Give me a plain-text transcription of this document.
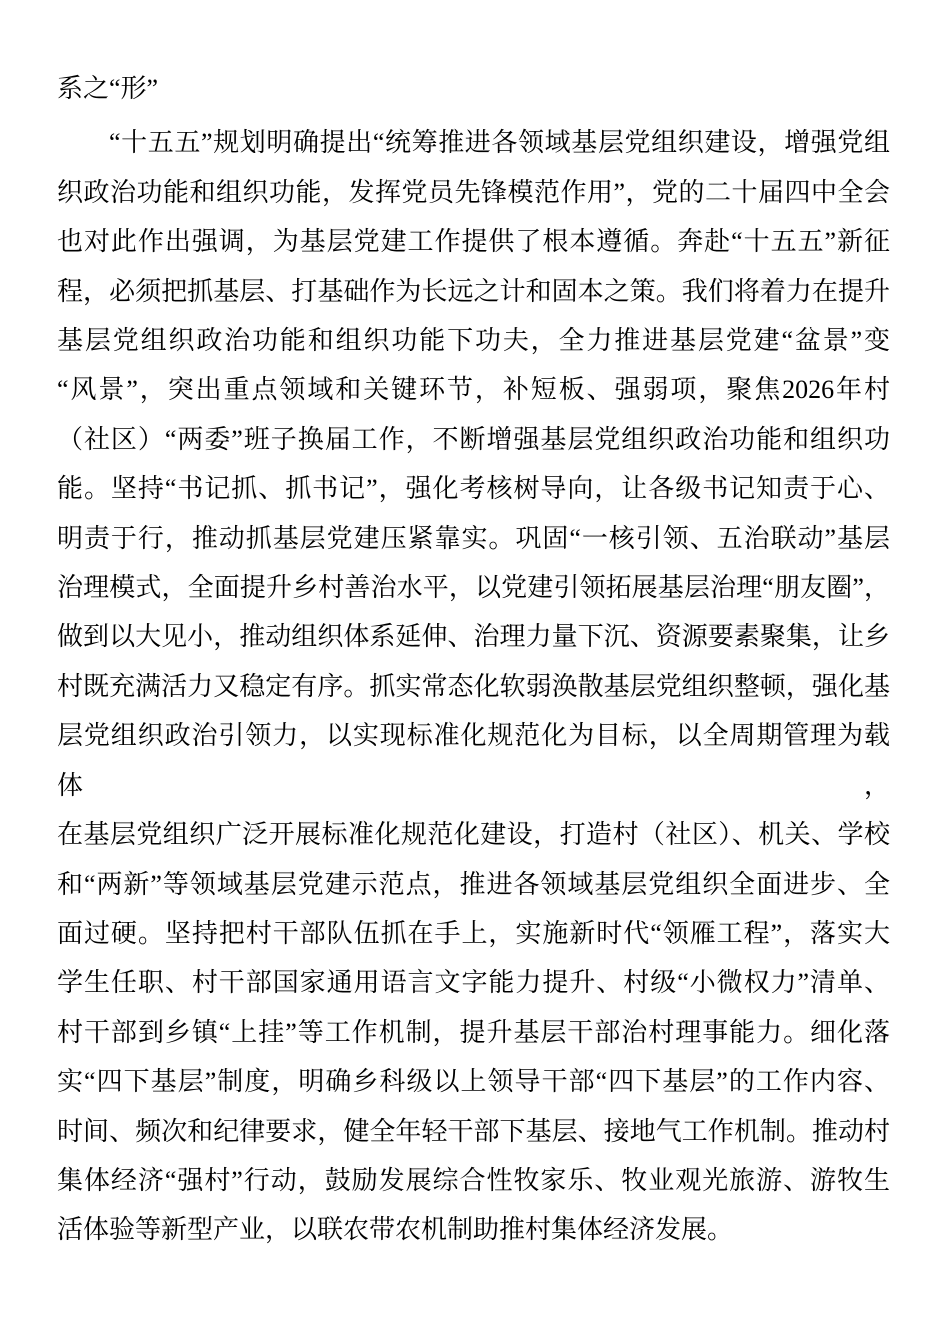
系之“形”
“十五五”规划明确提出“统筹推进各领域基层党组织建设，增强党组
织政治功能和组织功能，发挥党员先锋模范作用”，党的二十届四中全会
也对此作出强调，为基层党建工作提供了根本遵循。奔赴“十五五”新征
程，必须把抓基层、打基础作为长远之计和固本之策。我们将着力在提升
基层党组织政治功能和组织功能下功夫，全力推进基层党建“盆景”变
“风景”，突出重点领域和关键环节，补短板、强弱项，聚焦2026年村
（社区）“两委”班子换届工作，不断增强基层党组织政治功能和组织功
能。坚持“书记抓、抓书记”，强化考核树导向，让各级书记知责于心、
明责于行，推动抓基层党建压紧靠实。巩固“一核引领、五治联动”基层
治理模式，全面提升乡村善治水平，以党建引领拓展基层治理“朋友圈”，
做到以大见小，推动组织体系延伸、治理力量下沉、资源要素聚集，让乡
村既充满活力又稳定有序。抓实常态化软弱涣散基层党组织整顿，强化基
层党组织政治引领力，以实现标准化规范化为目标，以全周期管理为载体，
在基层党组织广泛开展标准化规范化建设，打造村（社区）、机关、学校
和“两新”等领域基层党建示范点，推进各领域基层党组织全面进步、全
面过硬。坚持把村干部队伍抓在手上，实施新时代“领雁工程”，落实大
学生任职、村干部国家通用语言文字能力提升、村级“小微权力”清单、
村干部到乡镇“上挂”等工作机制，提升基层干部治村理事能力。细化落
实“四下基层”制度，明确乡科级以上领导干部“四下基层”的工作内容、
时间、频次和纪律要求，健全年轻干部下基层、接地气工作机制。推动村
集体经济“强村”行动，鼓励发展综合性牧家乐、牧业观光旅游、游牧生
活体验等新型产业，以联农带农机制助推村集体经济发展。
